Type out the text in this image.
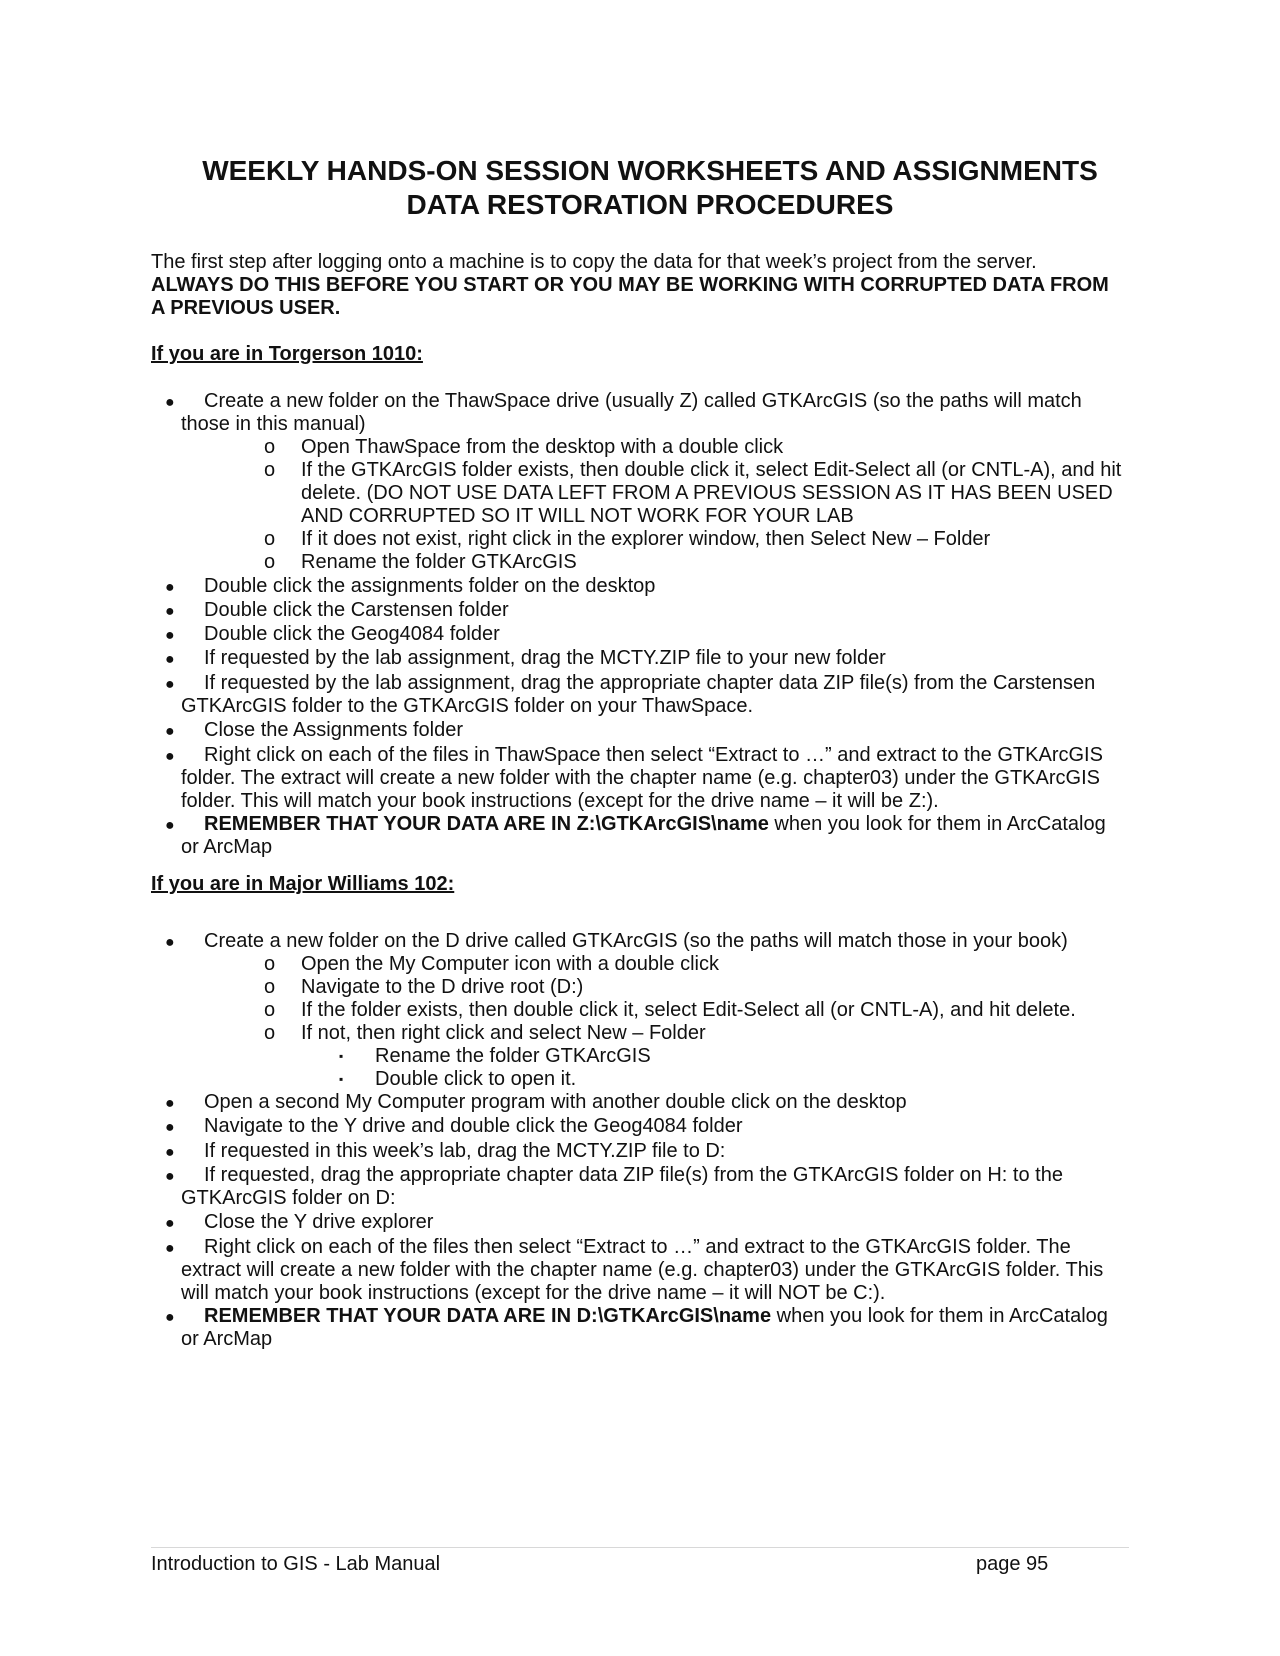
WEEKLY HANDS-ON SESSION WORKSHEETS AND ASSIGNMENTS
DATA RESTORATION PROCEDURES
The first step after logging onto a machine is to copy the data for that week’s project from the server.
ALWAYS DO THIS BEFORE YOU START OR YOU MAY BE WORKING WITH CORRUPTED DATA FROM
A PREVIOUS USER.
If you are in Torgerson 1010:
● Create a new folder on the ThawSpace drive (usually Z) called GTKArcGIS (so the paths will match
those in this manual)
o Open ThawSpace from the desktop with a double click
o If the GTKArcGIS folder exists, then double click it, select Edit-Select all (or CNTL-A), and hit
delete. (DO NOT USE DATA LEFT FROM A PREVIOUS SESSION AS IT HAS BEEN USED
AND CORRUPTED SO IT WILL NOT WORK FOR YOUR LAB
o If it does not exist, right click in the explorer window, then Select New – Folder
o Rename the folder GTKArcGIS
● Double click the assignments folder on the desktop
● Double click the Carstensen folder
● Double click the Geog4084 folder
● If requested by the lab assignment, drag the MCTY.ZIP file to your new folder
● If requested by the lab assignment, drag the appropriate chapter data ZIP file(s) from the Carstensen
GTKArcGIS folder to the GTKArcGIS folder on your ThawSpace.
● Close the Assignments folder
● Right click on each of the files in ThawSpace then select “Extract to …” and extract to the GTKArcGIS
folder. The extract will create a new folder with the chapter name (e.g. chapter03) under the GTKArcGIS
folder. This will match your book instructions (except for the drive name – it will be Z:).
● REMEMBER THAT YOUR DATA ARE IN Z:\GTKArcGIS\name when you look for them in ArcCatalog
or ArcMap
If you are in Major Williams 102:
● Create a new folder on the D drive called GTKArcGIS (so the paths will match those in your book)
o Open the My Computer icon with a double click
o Navigate to the D drive root (D:)
o If the folder exists, then double click it, select Edit-Select all (or CNTL-A), and hit delete.
o If not, then right click and select New – Folder
▪ Rename the folder GTKArcGIS
▪ Double click to open it.
● Open a second My Computer program with another double click on the desktop
● Navigate to the Y drive and double click the Geog4084 folder
● If requested in this week’s lab, drag the MCTY.ZIP file to D:
● If requested, drag the appropriate chapter data ZIP file(s) from the GTKArcGIS folder on H: to the
GTKArcGIS folder on D:
● Close the Y drive explorer
● Right click on each of the files then select “Extract to …” and extract to the GTKArcGIS folder. The
extract will create a new folder with the chapter name (e.g. chapter03) under the GTKArcGIS folder. This
will match your book instructions (except for the drive name – it will NOT be C:).
● REMEMBER THAT YOUR DATA ARE IN D:\GTKArcGIS\name when you look for them in ArcCatalog
or ArcMap
Introduction to GIS - Lab Manual	page 95
